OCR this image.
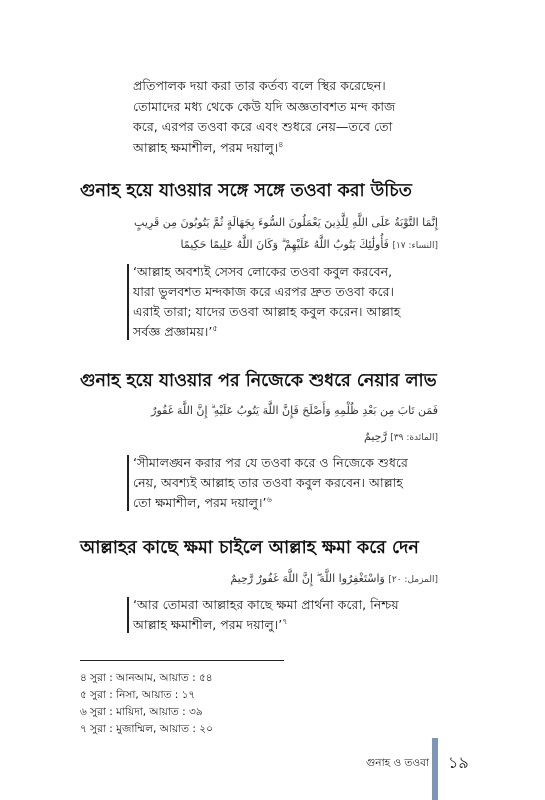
প্রতিপালক দয়া করা তার কর্তব্য বলে স্থির করেছেন।
তোমাদের মধ্য থেকে কেউ যদি অজ্ঞতাবশত মন্দ কাজ
করে, এরপর তওবা করে এবং শুধরে নেয়—তবে তো
আল্লাহ ক্ষমাশীল, পরম দয়ালু।$^৪$
গুনাহ হয়ে যাওয়ার সঙ্গে সঙ্গে তওবা করা উচিত
إِنَّمَا التَّوْبَةُ عَلَى اللَّهِ لِلَّذِينَ يَعْمَلُونَ السُّوءَ بِجَهَالَةٍ ثُمَّ يَتُوبُونَ مِن قَرِيبٍ
[النساء: ١٧] فَأُولَٰئِكَ يَتُوبُ اللَّهُ عَلَيْهِمْ ۗ وَكَانَ اللَّهُ عَلِيمًا حَكِيمًا
‘আল্লাহ অবশ্যই সেসব লোকের তওবা কবুল করবেন,
যারা ভুলবশত মন্দকাজ করে এরপর দ্রুত তওবা করে।
এরাই তারা; যাদের তওবা আল্লাহ কবুল করেন। আল্লাহ
সর্বজ্ঞ প্রজ্ঞাময়।’$^৫$
গুনাহ হয়ে যাওয়ার পর নিজেকে শুধরে নেয়ার লাভ
فَمَن تَابَ مِن بَعْدِ ظُلْمِهِ وَأَصْلَحَ فَإِنَّ اللَّهَ يَتُوبُ عَلَيْهِ ۗ إِنَّ اللَّهَ غَفُورٌ
[المائدة: ٣٩] رَّحِيمٌ
‘সীমালঙ্ঘন করার পর যে তওবা করে ও নিজেকে শুধরে
নেয়, অবশ্যই আল্লাহ তার তওবা কবুল করবেন। আল্লাহ
তো ক্ষমাশীল, পরম দয়ালু।’$^৬$
আল্লাহর কাছে ক্ষমা চাইলে আল্লাহ ক্ষমা করে দেন
[المزمل: ٢٠] وَاسْتَغْفِرُوا اللَّهَ ۖ إِنَّ اللَّهَ غَفُورٌ رَّحِيمٌ
‘আর তোমরা আল্লাহর কাছে ক্ষমা প্রার্থনা করো, নিশ্চয়
আল্লাহ ক্ষমাশীল, পরম দয়ালু।’$^৭$
৪ সুরা : আনআম, আয়াত : ৫৪
৫ সুরা : নিসা, আয়াত : ১৭
৬ সুরা : মায়িদা, আয়াত : ৩৯
৭ সুরা : মুজাম্মিল, আয়াত : ২০
গুনাহ ও তওবা ১৯
